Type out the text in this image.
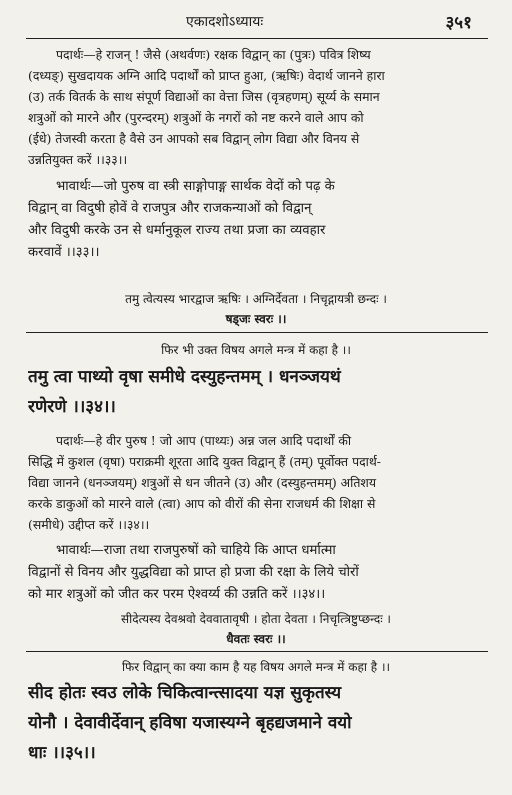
एकादशोऽध्यायः	३५१
पदार्थः—हे राजन् ! जैसे (अथर्वणः) रक्षक विद्वान् का (पुत्रः) पवित्र शिष्य
(दध्यङ्) सुखदायक अग्नि आदि पदार्थों को प्राप्त हुआ, (ऋषिः) वेदार्थ जानने हारा
(उ) तर्क वितर्क के साथ संपूर्ण विद्याओं का वेत्ता जिस (वृत्रहणम्) सूर्य्य के समान
शत्रुओं को मारने और (पुरन्दरम्) शत्रुओं के नगरों को नष्ट करने वाले आप को
(ईधे) तेजस्वी करता है वैसे उन आपको सब विद्वान् लोग विद्या और विनय से
उन्नतियुक्त करें ।।३३।।
भावार्थः—जो पुरुष वा स्त्री साङ्गोपाङ्ग सार्थक वेदों को पढ़ के
विद्वान् वा विदुषी होवें वे राजपुत्र और राजकन्याओं को विद्वान्
और विदुषी करके उन से धर्मानुकूल राज्य तथा प्रजा का व्यवहार
करवावें ।।३३।।
तमु त्वेत्यस्य भारद्वाज ऋषिः । अग्निर्देवता । निचृद्गायत्री छन्दः ।
षड्जः स्वरः ।।
फिर भी उक्त विषय अगले मन्त्र में कहा है ।।
तमु त्वा पाथ्यो वृषा समीधे दस्युहन्तमम् । धनञ्जयथं
रणेरणे ।।३४।।
पदार्थः—हे वीर पुरुष ! जो आप (पाथ्यः) अन्न जल आदि पदार्थों की
सिद्धि में कुशल (वृषा) पराक्रमी शूरता आदि युक्त विद्वान् हैं (तम्) पूर्वोक्त पदार्थ-
विद्या जानने (धनञ्जयम्) शत्रुओं से धन जीतने (उ) और (दस्युहन्तमम्) अतिशय
करके डाकुओं को मारने वाले (त्वा) आप को वीरों की सेना राजधर्म की शिक्षा से
(समीधे) उद्दीप्त करें ।।३४।।
भावार्थः—राजा तथा राजपुरुषों को चाहिये कि आप्त धर्मात्मा
विद्वानों से विनय और युद्धविद्या को प्राप्त हो प्रजा की रक्षा के लिये चोरों
को मार शत्रुओं को जीत कर परम ऐश्वर्य्य की उन्नति करें ।।३४।।
सीदेत्यस्य देवश्रवो देववातावृषी । होता देवता । निचृत्त्रिष्टुप्छन्दः ।
धैवतः स्वरः ।।
फिर विद्वान् का क्या काम है यह विषय अगले मन्त्र में कहा है ।।
सीद होतः स्वउ लोके चिकित्वान्त्सादया यज्ञ सुकृतस्य
योनौ । देवावीर्देवान् हविषा यजास्यग्ने बृहद्यजमाने वयो
धाः ।।३५।।
